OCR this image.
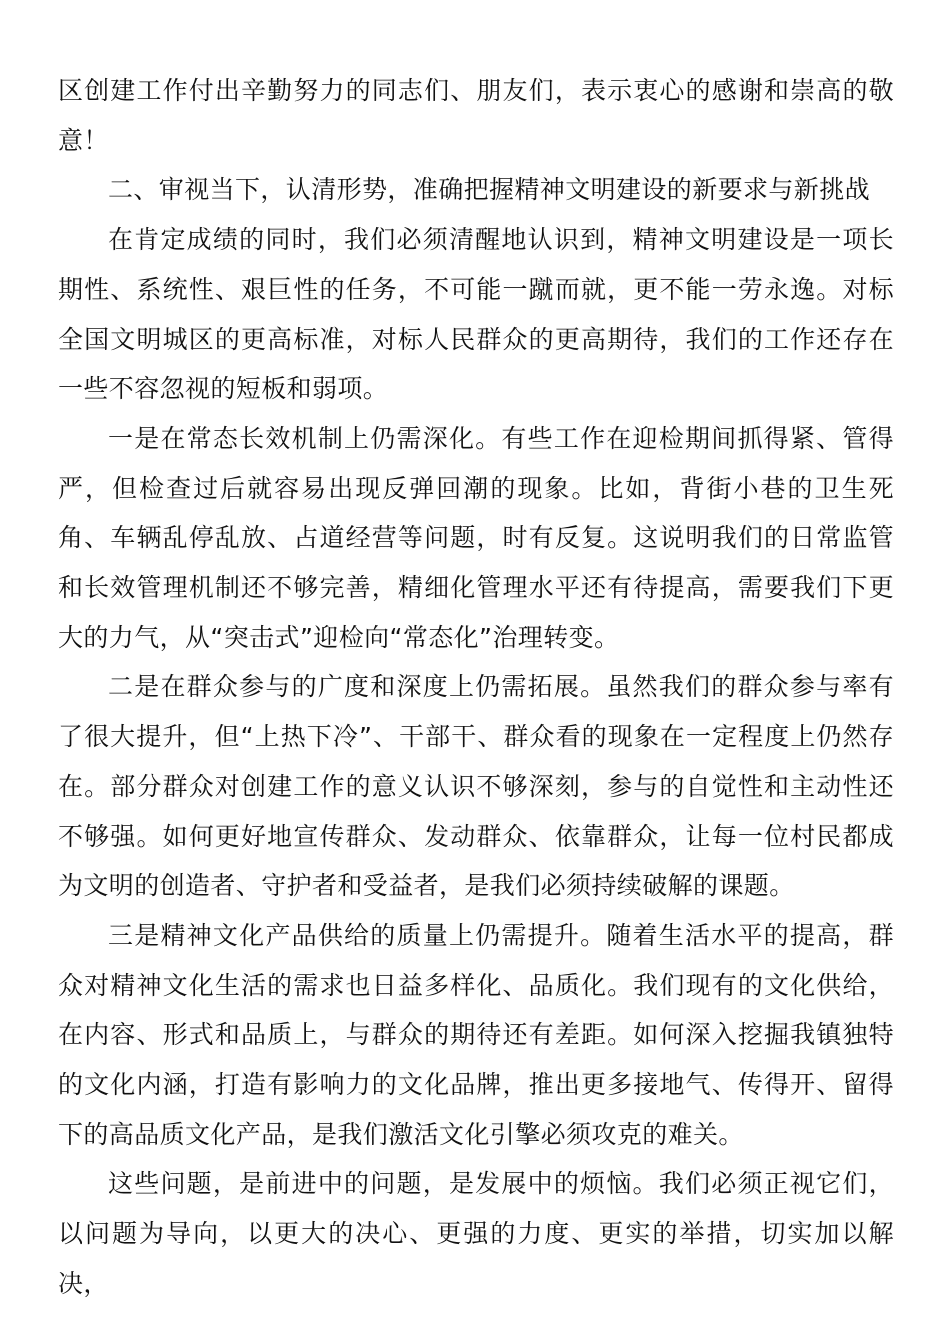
区创建工作付出辛勤努力的同志们、朋友们，表示衷心的感谢和崇高的敬意！

二、审视当下，认清形势，准确把握精神文明建设的新要求与新挑战

在肯定成绩的同时，我们必须清醒地认识到，精神文明建设是一项长期性、系统性、艰巨性的任务，不可能一蹴而就，更不能一劳永逸。对标全国文明城区的更高标准，对标人民群众的更高期待，我们的工作还存在一些不容忽视的短板和弱项。

一是在常态长效机制上仍需深化。有些工作在迎检期间抓得紧、管得严，但检查过后就容易出现反弹回潮的现象。比如，背街小巷的卫生死角、车辆乱停乱放、占道经营等问题，时有反复。这说明我们的日常监管和长效管理机制还不够完善，精细化管理水平还有待提高，需要我们下更大的力气，从“突击式”迎检向“常态化”治理转变。

二是在群众参与的广度和深度上仍需拓展。虽然我们的群众参与率有了很大提升，但“上热下冷”、干部干、群众看的现象在一定程度上仍然存在。部分群众对创建工作的意义认识不够深刻，参与的自觉性和主动性还不够强。如何更好地宣传群众、发动群众、依靠群众，让每一位村民都成为文明的创造者、守护者和受益者，是我们必须持续破解的课题。

三是精神文化产品供给的质量上仍需提升。随着生活水平的提高，群众对精神文化生活的需求也日益多样化、品质化。我们现有的文化供给，在内容、形式和品质上，与群众的期待还有差距。如何深入挖掘我镇独特的文化内涵，打造有影响力的文化品牌，推出更多接地气、传得开、留得下的高品质文化产品，是我们激活文化引擎必须攻克的难关。

这些问题，是前进中的问题，是发展中的烦恼。我们必须正视它们，以问题为导向，以更大的决心、更强的力度、更实的举措，切实加以解决，
